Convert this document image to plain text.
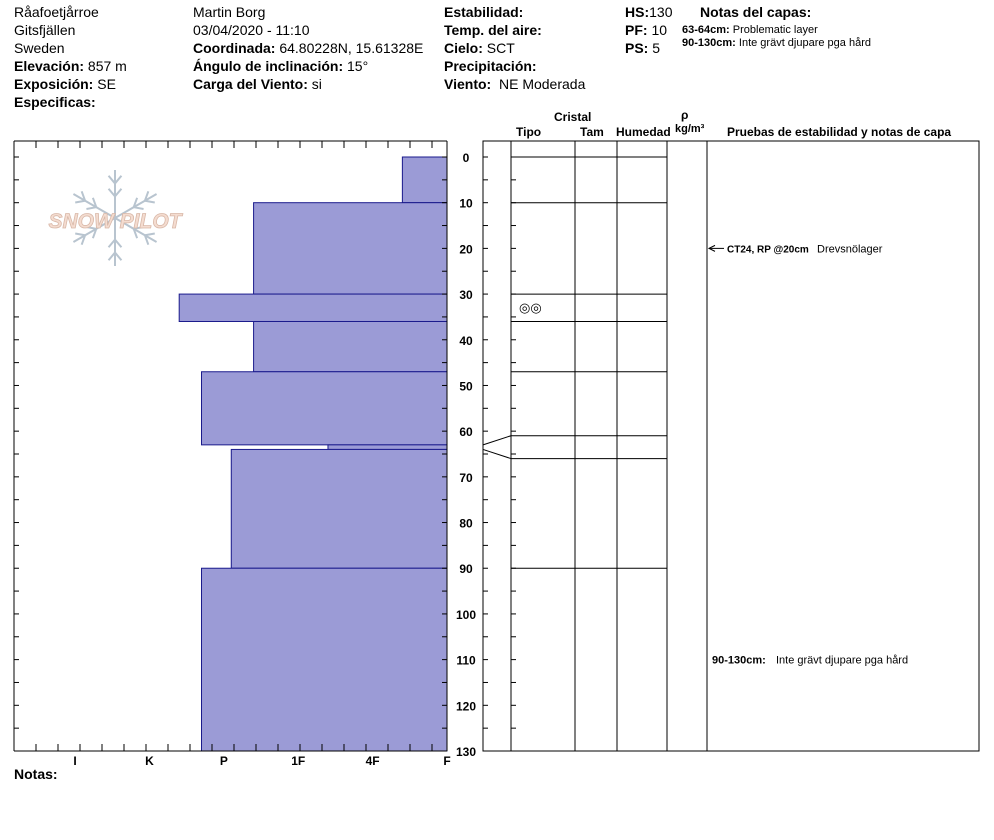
Råafoetjårroe
Gitsfjällen
Sweden
Elevación: 857 m
Exposición: SE
Especificas:
Martin Borg
03/04/2020 - 11:10
Coordinada: 64.80228N, 15.61328E
Ángulo de inclinación: 15°
Carga del Viento: si
Estabilidad:
Temp. del aire:
Cielo: SCT
Precipitación:
Viento: NE Moderada
HS:130
PF: 10
PS: 5
Notas del capas:
63-64cm: Problematic layer
90-130cm: Inte grävt djupare pga hård
Cristal
Tipo	Tam Humedad
ρ
kg/m³ Pruebas de estabilidad y notas de capa
Notas:
SNOW PILOT
I	K	P	1F	4F	F
0
10
20
30
40
50
60
70
80
90
100
110
120
130
◎◎
CT24, RP @20cm Drevsnölager
90-130cm: Inte grävt djupare pga hård
